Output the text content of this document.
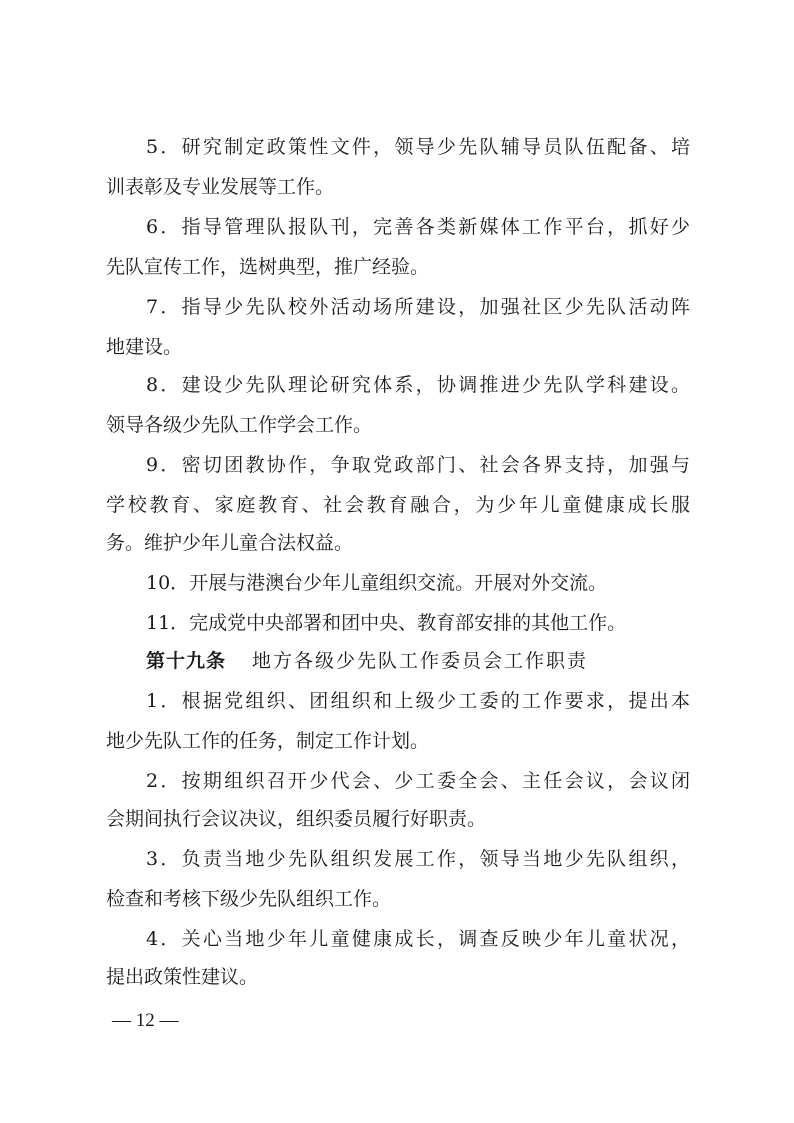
5．研究制定政策性文件，领导少先队辅导员队伍配备、培
训表彰及专业发展等工作。
6．指导管理队报队刊，完善各类新媒体工作平台，抓好少
先队宣传工作，选树典型，推广经验。
7．指导少先队校外活动场所建设，加强社区少先队活动阵
地建设。
8．建设少先队理论研究体系，协调推进少先队学科建设。
领导各级少先队工作学会工作。
9．密切团教协作，争取党政部门、社会各界支持，加强与
学校教育、家庭教育、社会教育融合，为少年儿童健康成长服
务。维护少年儿童合法权益。
10．开展与港澳台少年儿童组织交流。开展对外交流。
11．完成党中央部署和团中央、教育部安排的其他工作。
第十九条 地方各级少先队工作委员会工作职责
1．根据党组织、团组织和上级少工委的工作要求，提出本
地少先队工作的任务，制定工作计划。
2．按期组织召开少代会、少工委全会、主任会议，会议闭
会期间执行会议决议，组织委员履行好职责。
3．负责当地少先队组织发展工作，领导当地少先队组织，
检查和考核下级少先队组织工作。
4．关心当地少年儿童健康成长，调查反映少年儿童状况，
提出政策性建议。
— 12 —
